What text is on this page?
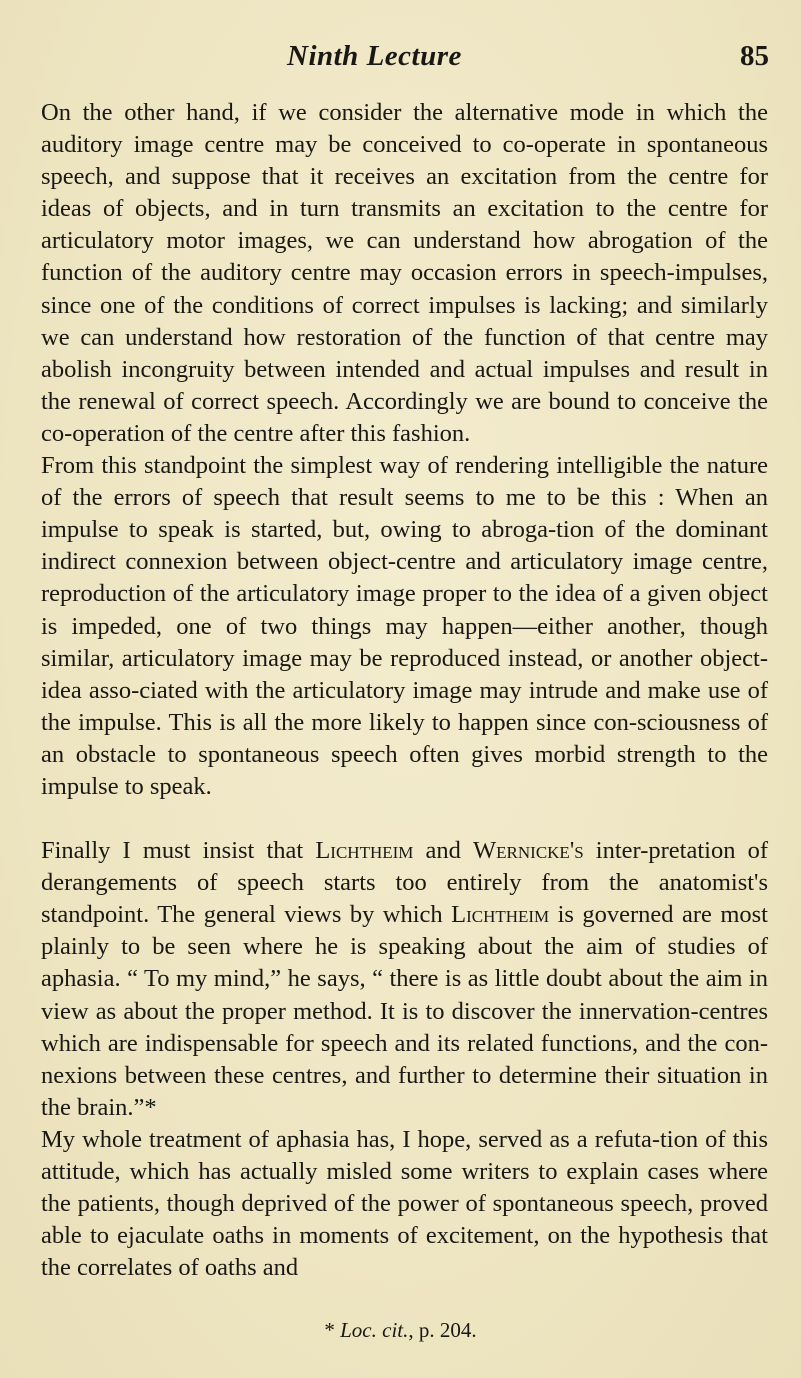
Ninth Lecture	85

On the other hand, if we consider the alternative mode in which the auditory image centre may be conceived to co-operate in spontaneous speech, and suppose that it receives an excitation from the centre for ideas of objects, and in turn transmits an excitation to the centre for articulatory motor images, we can understand how abrogation of the function of the auditory centre may occasion errors in speech-impulses, since one of the conditions of correct impulses is lacking; and similarly we can understand how restoration of the function of that centre may abolish incongruity between intended and actual impulses and result in the renewal of correct speech. Accordingly we are bound to conceive the co-operation of the centre after this fashion.

From this standpoint the simplest way of rendering intelligible the nature of the errors of speech that result seems to me to be this : When an impulse to speak is started, but, owing to abroga-tion of the dominant indirect connexion between object-centre and articulatory image centre, reproduction of the articulatory image proper to the idea of a given object is impeded, one of two things may happen—either another, though similar, articulatory image may be reproduced instead, or another object-idea asso-ciated with the articulatory image may intrude and make use of the impulse. This is all the more likely to happen since con-sciousness of an obstacle to spontaneous speech often gives morbid strength to the impulse to speak.

Finally I must insist that Lichtheim and Wernicke's inter-pretation of derangements of speech starts too entirely from the anatomist's standpoint. The general views by which Lichtheim is governed are most plainly to be seen where he is speaking about the aim of studies of aphasia. “ To my mind,” he says, “ there is as little doubt about the aim in view as about the proper method. It is to discover the innervation-centres which are indispensable for speech and its related functions, and the con-nexions between these centres, and further to determine their situation in the brain.”*

My whole treatment of aphasia has, I hope, served as a refuta-tion of this attitude, which has actually misled some writers to explain cases where the patients, though deprived of the power of spontaneous speech, proved able to ejaculate oaths in moments of excitement, on the hypothesis that the correlates of oaths and

* Loc. cit., p. 204.
